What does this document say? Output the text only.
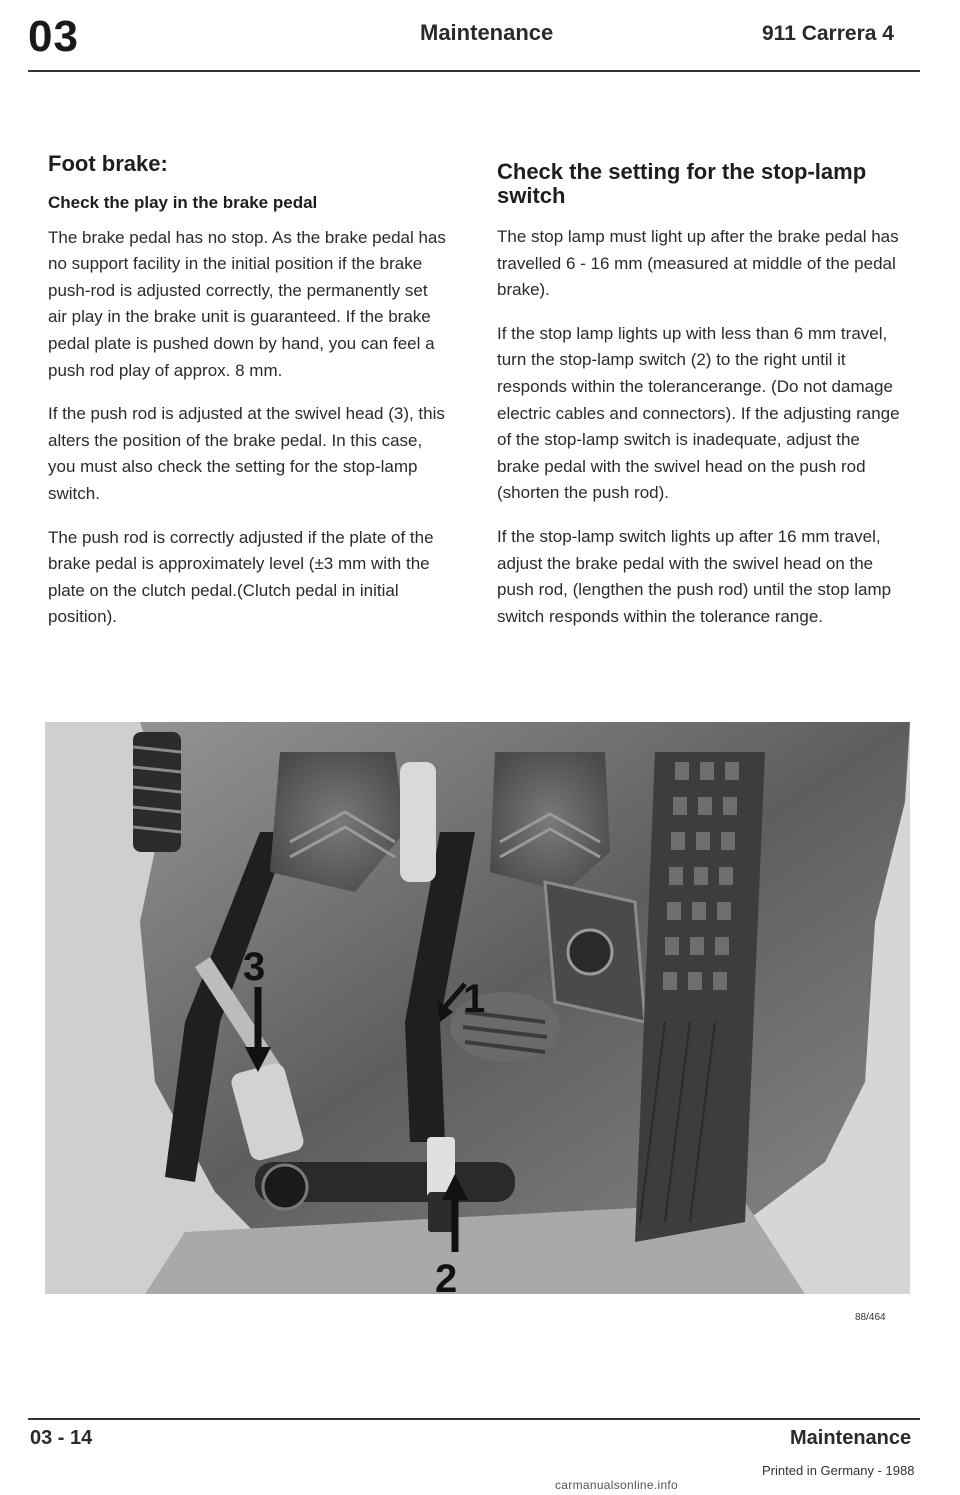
03	Maintenance	911 Carrera 4
Foot brake:
Check the play in the brake pedal

The brake pedal has no stop. As the brake pedal has no support facility in the initial position if the brake push-rod is adjusted correctly, the permanently set air play in the brake unit is guaranteed. If the brake pedal plate is pushed down by hand, you can feel a push rod play of approx. 8 mm.

If the push rod is adjusted at the swivel head (3), this alters the position of the brake pedal. In this case, you must also check the setting for the stop-lamp switch.

The push rod is correctly adjusted if the plate of the brake pedal is approximately level (±3 mm with the plate on the clutch pedal.(Clutch pedal in initial position).

Check the setting for the stop-lamp switch

The stop lamp must light up after the brake pedal has travelled 6 - 16 mm (measured at middle of the pedal brake).

If the stop lamp lights up with less than 6 mm travel, turn the stop-lamp switch (2) to the right until it responds within the tolerancerange. (Do not damage electric cables and connectors). If the adjusting range of the stop-lamp switch is inadequate, adjust the brake pedal with the swivel head on the push rod (shorten the push rod).

If the stop-lamp switch lights up after 16 mm travel, adjust the brake pedal with the swivel head on the push rod, (lengthen the push rod) until the stop lamp switch responds within the tolerance range.

3
1
2
88/464
03 - 14	Maintenance
Printed in Germany - 1988
carmanualsonline.info
